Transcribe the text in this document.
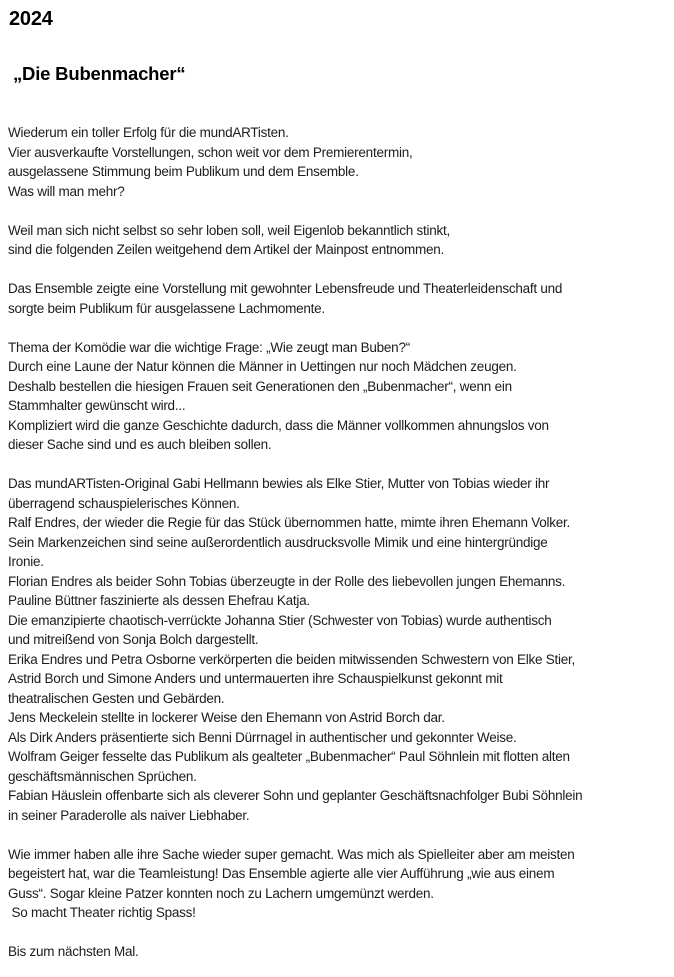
2024
„Die Bubenmacher“
Wiederum ein toller Erfolg für die mundARTisten.
Vier ausverkaufte Vorstellungen, schon weit vor dem Premierentermin,
ausgelassene Stimmung beim Publikum und dem Ensemble.
Was will man mehr?
Weil man sich nicht selbst so sehr loben soll, weil Eigenlob bekanntlich stinkt,
sind die folgenden Zeilen weitgehend dem Artikel der Mainpost entnommen.
Das Ensemble zeigte eine Vorstellung mit gewohnter Lebensfreude und Theaterleidenschaft und
sorgte beim Publikum für ausgelassene Lachmomente.
Thema der Komödie war die wichtige Frage: „Wie zeugt man Buben?“
Durch eine Laune der Natur können die Männer in Uettingen nur noch Mädchen zeugen.
Deshalb bestellen die hiesigen Frauen seit Generationen den „Bubenmacher“, wenn ein
Stammhalter gewünscht wird...
Kompliziert wird die ganze Geschichte dadurch, dass die Männer vollkommen ahnungslos von
dieser Sache sind und es auch bleiben sollen.
Das mundARTisten-Original Gabi Hellmann bewies als Elke Stier, Mutter von Tobias wieder ihr
überragend schauspielerisches Können.
Ralf Endres, der wieder die Regie für das Stück übernommen hatte, mimte ihren Ehemann Volker.
Sein Markenzeichen sind seine außerordentlich ausdrucksvolle Mimik und eine hintergründige
Ironie.
Florian Endres als beider Sohn Tobias überzeugte in der Rolle des liebevollen jungen Ehemanns.
Pauline Büttner faszinierte als dessen Ehefrau Katja.
Die emanzipierte chaotisch-verrückte Johanna Stier (Schwester von Tobias) wurde authentisch
und mitreißend von Sonja Bolch dargestellt.
Erika Endres und Petra Osborne verkörperten die beiden mitwissenden Schwestern von Elke Stier,
Astrid Borch und Simone Anders und untermauerten ihre Schauspielkunst gekonnt mit
theatralischen Gesten und Gebärden.
Jens Meckelein stellte in lockerer Weise den Ehemann von Astrid Borch dar.
Als Dirk Anders präsentierte sich Benni Dürrnagel in authentischer und gekonnter Weise.
Wolfram Geiger fesselte das Publikum als gealteter „Bubenmacher“ Paul Söhnlein mit flotten alten
geschäftsmännischen Sprüchen.
Fabian Häuslein offenbarte sich als cleverer Sohn und geplanter Geschäftsnachfolger Bubi Söhnlein
in seiner Paraderolle als naiver Liebhaber.
Wie immer haben alle ihre Sache wieder super gemacht. Was mich als Spielleiter aber am meisten
begeistert hat, war die Teamleistung! Das Ensemble agierte alle vier Aufführung „wie aus einem
Guss“. Sogar kleine Patzer konnten noch zu Lachern umgemünzt werden.
So macht Theater richtig Spass!
Bis zum nächsten Mal.
